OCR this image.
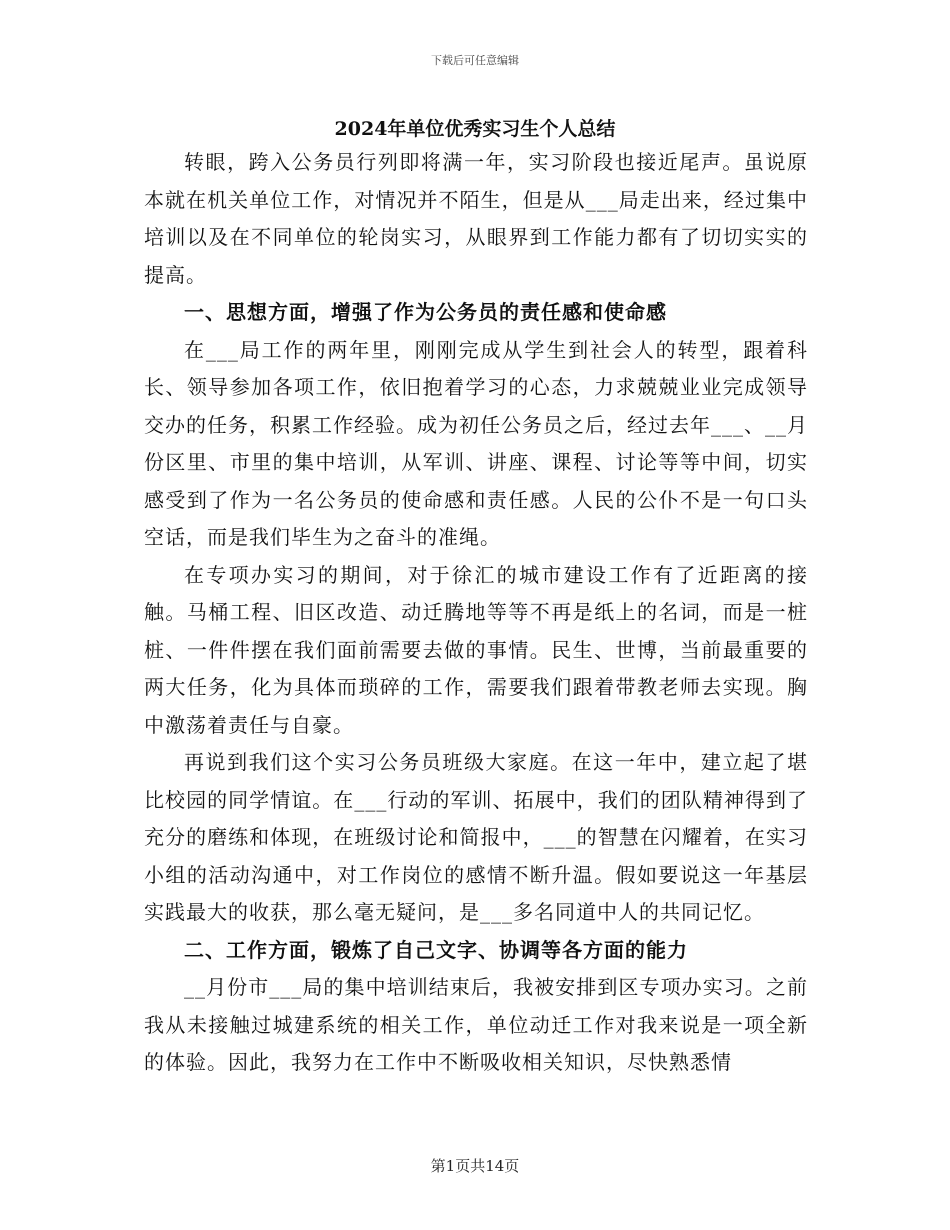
下载后可任意编辑
2024年单位优秀实习生个人总结

转眼，跨入公务员行列即将满一年，实习阶段也接近尾声。虽说原本就在机关单位工作，对情况并不陌生，但是从___局走出来，经过集中培训以及在不同单位的轮岗实习，从眼界到工作能力都有了切切实实的提高。

一、思想方面，增强了作为公务员的责任感和使命感

在___局工作的两年里，刚刚完成从学生到社会人的转型，跟着科长、领导参加各项工作，依旧抱着学习的心态，力求兢兢业业完成领导交办的任务，积累工作经验。成为初任公务员之后，经过去年___、__月份区里、市里的集中培训，从军训、讲座、课程、讨论等等中间，切实感受到了作为一名公务员的使命感和责任感。人民的公仆不是一句口头空话，而是我们毕生为之奋斗的准绳。

在专项办实习的期间，对于徐汇的城市建设工作有了近距离的接触。马桶工程、旧区改造、动迁腾地等等不再是纸上的名词，而是一桩桩、一件件摆在我们面前需要去做的事情。民生、世博，当前最重要的两大任务，化为具体而琐碎的工作，需要我们跟着带教老师去实现。胸中激荡着责任与自豪。

再说到我们这个实习公务员班级大家庭。在这一年中，建立起了堪比校园的同学情谊。在___行动的军训、拓展中，我们的团队精神得到了充分的磨练和体现，在班级讨论和简报中，___的智慧在闪耀着，在实习小组的活动沟通中，对工作岗位的感情不断升温。假如要说这一年基层实践最大的收获，那么毫无疑问，是___多名同道中人的共同记忆。

二、工作方面，锻炼了自己文字、协调等各方面的能力

__月份市___局的集中培训结束后，我被安排到区专项办实习。之前我从未接触过城建系统的相关工作，单位动迁工作对我来说是一项全新的体验。因此，我努力在工作中不断吸收相关知识，尽快熟悉情

第1页共14页
